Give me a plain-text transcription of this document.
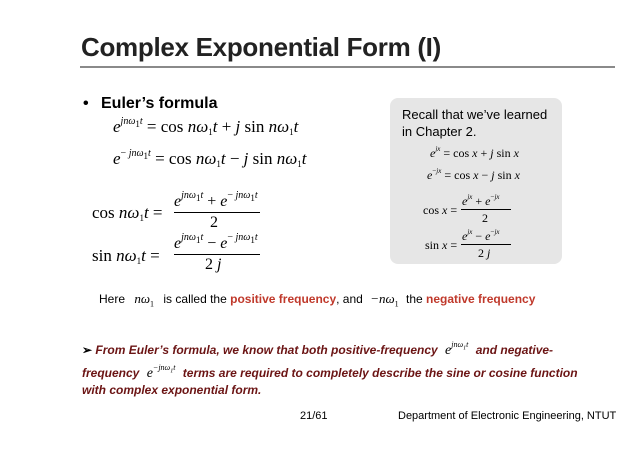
Complex Exponential Form (I)
• Euler’s formula
$e^{jn\omega_1t} = \cos n\omega_1t + j$ $\sin n\omega_1t$
$e^{- jn\omega_1t} = \cos n\omega_1t - j$ $\sin n\omega_1t$
$\cos n\omega_1t$ =
$e^{jn\omega_1t} + e^{- jn\omega_1t}$
2
$\sin n\omega_1t$ =
$e^{jn\omega_1t} - e^{- jn\omega_1t}$
2 j
Recall that we’ve learned
in Chapter 2.
$e^{jx} = \cos x + j$ sin x
$e^{-jx} = \cos x - j$ sin x
cos x =
$e^{jx} + e^{-jx}$
2
sin x =
$e^{jx} - e^{-jx}$
2 j
Here $n\omega_1$ is called the positive frequency, and $-n\omega_1$ the negative frequency
➢ From Euler’s formula, we know that both positive-frequency $e^{jn\omega_1t}$ and negative-frequency $e^{-jn\omega_1t}$ terms are required to completely describe the sine or cosine function with complex exponential form.
21/61	Department of Electronic Engineering, NTUT
